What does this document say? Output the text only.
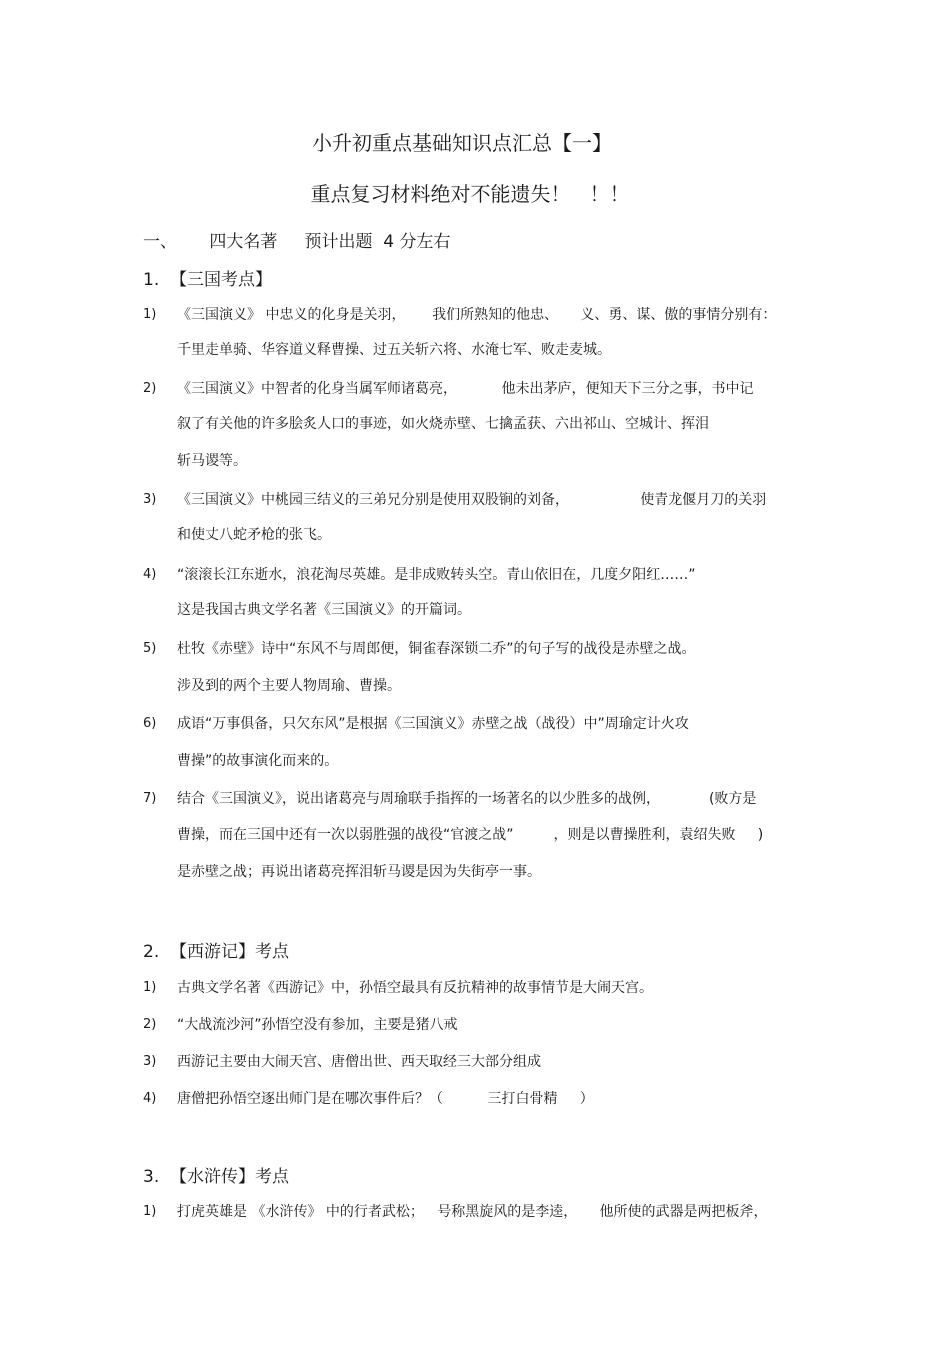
小升初重点基础知识点汇总【一】
重点复习材料绝对不能遗失！   ！！
一、      四大名著     预计出题  4 分左右
1.  【三国考点】
1) 《三国演义》 中忠义的化身是关羽，      我们所熟知的他忠、     义、勇、谋、傲的事情分别有：
千里走单骑、华容道义释曹操、过五关斩六将、水淹七军、败走麦城。
2) 《三国演义》中智者的化身当属军师诸葛亮，          他未出茅庐，便知天下三分之事，书中记
叙了有关他的许多脍炙人口的事迹，如火烧赤壁、七擒孟获、六出祁山、空城计、挥泪
斩马谡等。
3) 《三国演义》中桃园三结义的三弟兄分别是使用双股锏的刘备，                使青龙偃月刀的关羽
和使丈八蛇矛枪的张飞。
4) “滚滚长江东逝水，浪花淘尽英雄。是非成败转头空。青山依旧在，几度夕阳红……”
这是我国古典文学名著《三国演义》的开篇词。
5) 杜牧《赤壁》诗中“东风不与周郎便，铜雀春深锁二乔”的句子写的战役是赤壁之战。
涉及到的两个主要人物周瑜、曹操。
6) 成语“万事俱备，只欠东风”是根据《三国演义》赤壁之战（战役）中”周瑜定计火攻
曹操”的故事演化而来的。
7) 结合《三国演义》，说出诸葛亮与周瑜联手指挥的一场著名的以少胜多的战例，           (败方是
曹操，而在三国中还有一次以弱胜强的战役“官渡之战”         ，则是以曹操胜利，袁绍失败     )
是赤壁之战；再说出诸葛亮挥泪斩马谡是因为失街亭一事。
2.  【西游记】考点
1) 古典文学名著《西游记》中，孙悟空最具有反抗精神的故事情节是大闹天宫。
2) “大战流沙河”孙悟空没有参加，主要是猪八戒
3) 西游记主要由大闹天宫、唐僧出世、西天取经三大部分组成
4) 唐僧把孙悟空逐出师门是在哪次事件后？（          三打白骨精     ）
3.  【水浒传】考点
1) 打虎英雄是 《水浒传》 中的行者武松；   号称黑旋风的是李逵，     他所使的武器是两把板斧，
